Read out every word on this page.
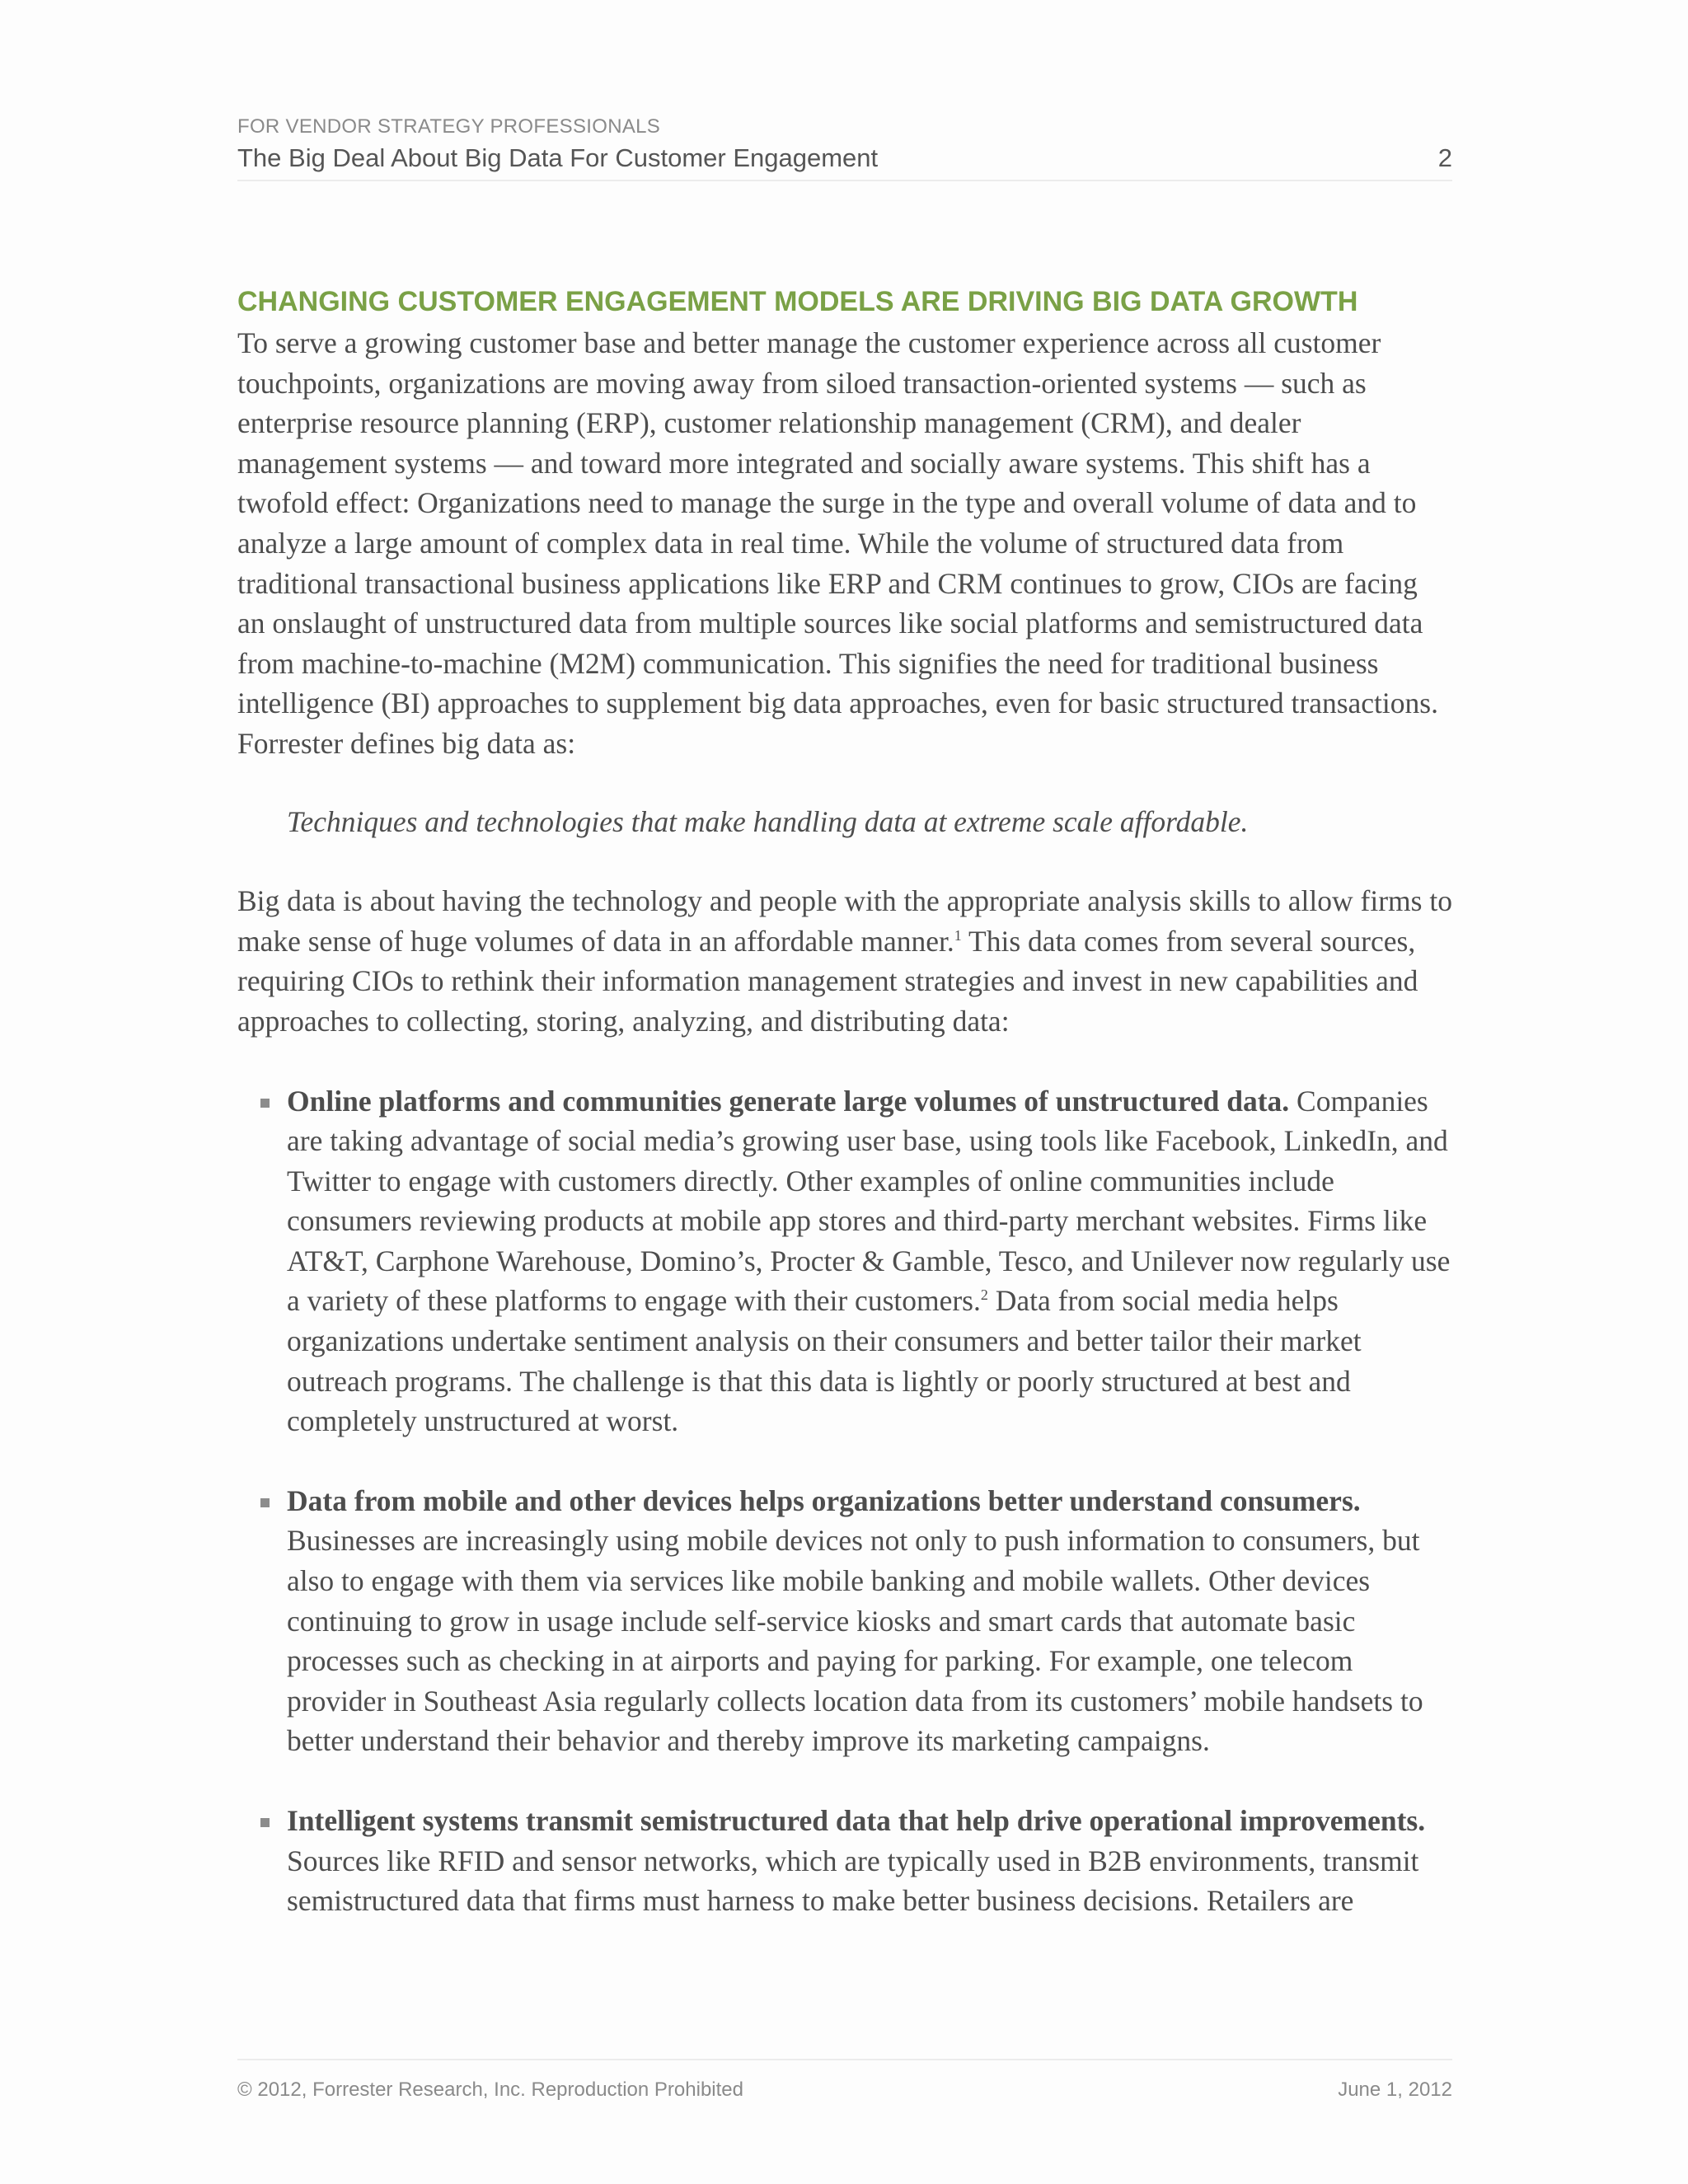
FOR VENDOR STRATEGY PROFESSIONALS
The Big Deal About Big Data For Customer Engagement	2
CHANGING CUSTOMER ENGAGEMENT MODELS ARE DRIVING BIG DATA GROWTH

To serve a growing customer base and better manage the customer experience across all customer touchpoints, organizations are moving away from siloed transaction-oriented systems — such as enterprise resource planning (ERP), customer relationship management (CRM), and dealer management systems — and toward more integrated and socially aware systems. This shift has a twofold effect: Organizations need to manage the surge in the type and overall volume of data and to analyze a large amount of complex data in real time. While the volume of structured data from traditional transactional business applications like ERP and CRM continues to grow, CIOs are facing an onslaught of unstructured data from multiple sources like social platforms and semistructured data from machine-to-machine (M2M) communication. This signifies the need for traditional business intelligence (BI) approaches to supplement big data approaches, even for basic structured transactions. Forrester defines big data as:

Techniques and technologies that make handling data at extreme scale affordable.

Big data is about having the technology and people with the appropriate analysis skills to allow firms to make sense of huge volumes of data in an affordable manner.$^1$ This data comes from several sources, requiring CIOs to rethink their information management strategies and invest in new capabilities and approaches to collecting, storing, analyzing, and distributing data:

Online platforms and communities generate large volumes of unstructured data. Companies are taking advantage of social media’s growing user base, using tools like Facebook, LinkedIn, and Twitter to engage with customers directly. Other examples of online communities include consumers reviewing products at mobile app stores and third-party merchant websites. Firms like AT&T, Carphone Warehouse, Domino’s, Procter & Gamble, Tesco, and Unilever now regularly use a variety of these platforms to engage with their customers.$^2$ Data from social media helps organizations undertake sentiment analysis on their consumers and better tailor their market outreach programs. The challenge is that this data is lightly or poorly structured at best and completely unstructured at worst.
Data from mobile and other devices helps organizations better understand consumers. Businesses are increasingly using mobile devices not only to push information to consumers, but also to engage with them via services like mobile banking and mobile wallets. Other devices continuing to grow in usage include self-service kiosks and smart cards that automate basic processes such as checking in at airports and paying for parking. For example, one telecom provider in Southeast Asia regularly collects location data from its customers’ mobile handsets to better understand their behavior and thereby improve its marketing campaigns.
Intelligent systems transmit semistructured data that help drive operational improvements. Sources like RFID and sensor networks, which are typically used in B2B environments, transmit semistructured data that firms must harness to make better business decisions. Retailers are
© 2012, Forrester Research, Inc. Reproduction Prohibited	June 1, 2012
